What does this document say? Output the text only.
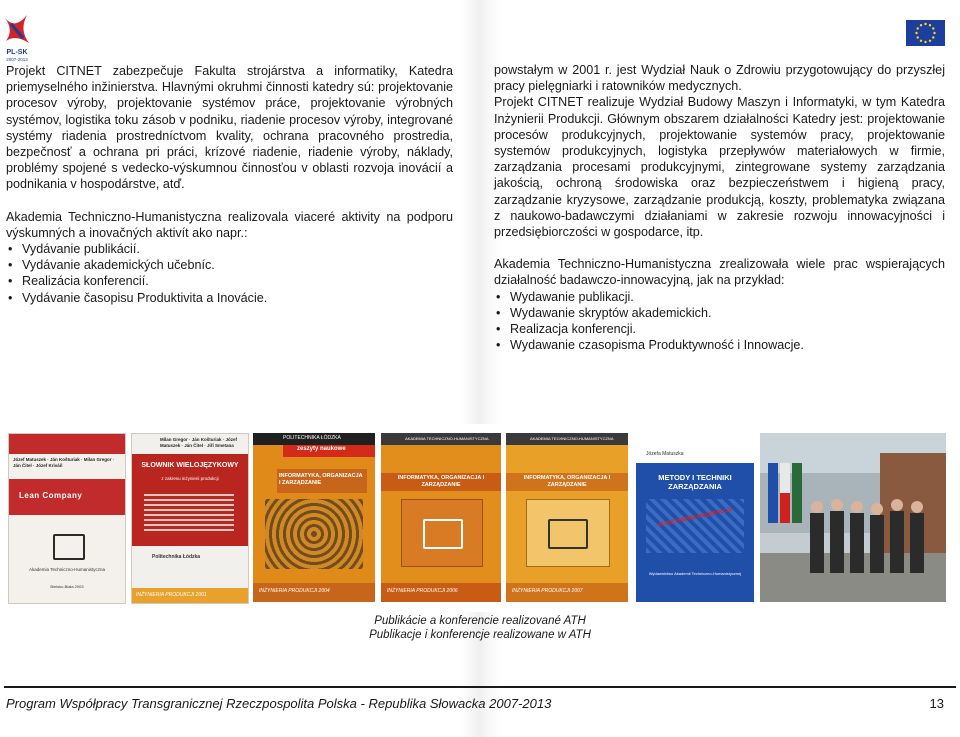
PL-SK
2007-2013

Projekt CITNET zabezpečuje Fakulta strojárstva a informatiky, Katedra priemyselného inžinierstva. Hlavnými okruhmi činnosti katedry sú: projektovanie procesov výroby, projektovanie systémov práce, projektovanie výrobných systémov, logistika toku zásob v podniku, riadenie procesov výroby, integrované systémy riadenia prostredníctvom kvality, ochrana pracovného prostredia, bezpečnosť a ochrana pri práci, krízové riadenie, riadenie výroby, náklady, problémy spojené s vedecko-výskumnou činnosťou v oblasti rozvoja inovácií a podnikania v hospodárstve, atď.

Akademia Techniczno-Humanistyczna realizovala viaceré aktivity na podporu výskumných a inovačných aktivít ako napr.:

• Vydávanie publikácií.
• Vydávanie akademických učebníc.
• Realizácia konferencií.
• Vydávanie časopisu Produktivita a Inovácie.

powstałym w 2001 r. jest Wydział Nauk o Zdrowiu przygotowujący do przyszłej pracy pielęgniarki i ratowników medycznych.

Projekt CITNET realizuje Wydział Budowy Maszyn i Informatyki, w tym Katedra Inżynierii Produkcji. Głównym obszarem działalności Katedry jest: projektowanie procesów produkcyjnych, projektowanie systemów pracy, projektowanie systemów produkcyjnych, logistyka przepływów materiałowych w firmie, zarządzania procesami produkcyjnymi, zintegrowane systemy zarządzania jakością, ochroną środowiska oraz bezpieczeństwem i higieną pracy, zarządzanie kryzysowe, zarządzanie produkcją, koszty, problematyka związana z naukowo-badawczymi działaniami w zakresie rozwoju innowacyjności i przedsiębiorczości w gospodarce, itp.

Akademia Techniczno-Humanistyczna zrealizowała wiele prac wspierających działalność badawczo-innowacyjną, jak na przykład:

• Wydawanie publikacji.
• Wydawanie skryptów akademickich.
• Realizacja konferencji.
• Wydawanie czasopisma Produktywność i Innowacje.
Józef Matuszek · Ján Košturiak · Milan Gregor · Ján Čitel · Józef Kriváň
Lean Company
Akademia Techniczno-Humanistyczna
Bielsko-Biała 2003
Milan Gregor · Ján Košturiak · Józef Matuszek · Ján Čitel · Jiří Smetana
SŁOWNIK WIELOJĘZYKOWY
z zakresu inżynierii produkcji
Politechnika Łódzka
INŻYNIERIA PRODUKCJI 2001
POLITECHNIKA ŁÓDZKA
zeszyty naukowe
INFORMATYKA, ORGANIZACJA I ZARZĄDZANIE
INŻYNIERIA PRODUKCJI 2004
AKADEMIA TECHNICZNO-HUMANISTYCZNA
INFORMATYKA, ORGANIZACJA I ZARZĄDZANIE
INŻYNIERIA PRODUKCJI 2006
AKADEMIA TECHNICZNO-HUMANISTYCZNA
INFORMATYKA, ORGANIZACJA I ZARZĄDZANIE
INŻYNIERIA PRODUKCJI 2007
Józefa Matuszka
METODY I TECHNIKI ZARZĄDZANIA
W INŻYNIERII PRODUKCJI
Wydawnictwo Akademii Techniczno-Humanistycznej
Publikácie a konferencie realizované ATH
Publikacje i konferencje realizowane w ATH
Program Współpracy Transgranicznej Rzeczpospolita Polska - Republika Słowacka 2007-2013	13
